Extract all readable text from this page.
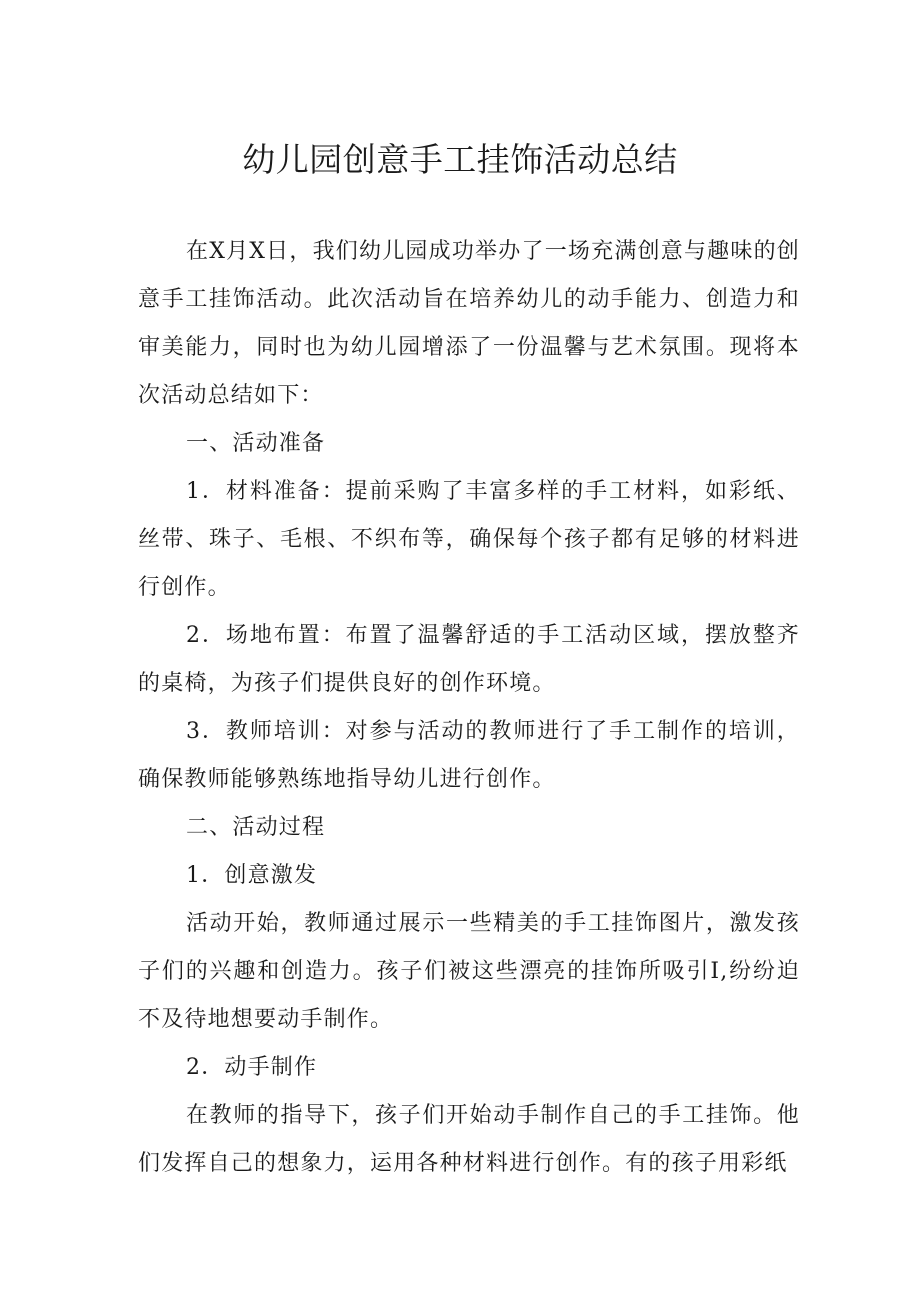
幼儿园创意手工挂饰活动总结

在X月X日，我们幼儿园成功举办了一场充满创意与趣味的创意手工挂饰活动。此次活动旨在培养幼儿的动手能力、创造力和审美能力，同时也为幼儿园增添了一份温馨与艺术氛围。现将本次活动总结如下：

一、活动准备

1．材料准备：提前采购了丰富多样的手工材料，如彩纸、丝带、珠子、毛根、不织布等，确保每个孩子都有足够的材料进行创作。

2．场地布置：布置了温馨舒适的手工活动区域，摆放整齐的桌椅，为孩子们提供良好的创作环境。

3．教师培训：对参与活动的教师进行了手工制作的培训，确保教师能够熟练地指导幼儿进行创作。

二、活动过程

1．创意激发

活动开始，教师通过展示一些精美的手工挂饰图片，激发孩子们的兴趣和创造力。孩子们被这些漂亮的挂饰所吸引I,纷纷迫不及待地想要动手制作。

2．动手制作

在教师的指导下，孩子们开始动手制作自己的手工挂饰。他们发挥自己的想象力，运用各种材料进行创作。有的孩子用彩纸
